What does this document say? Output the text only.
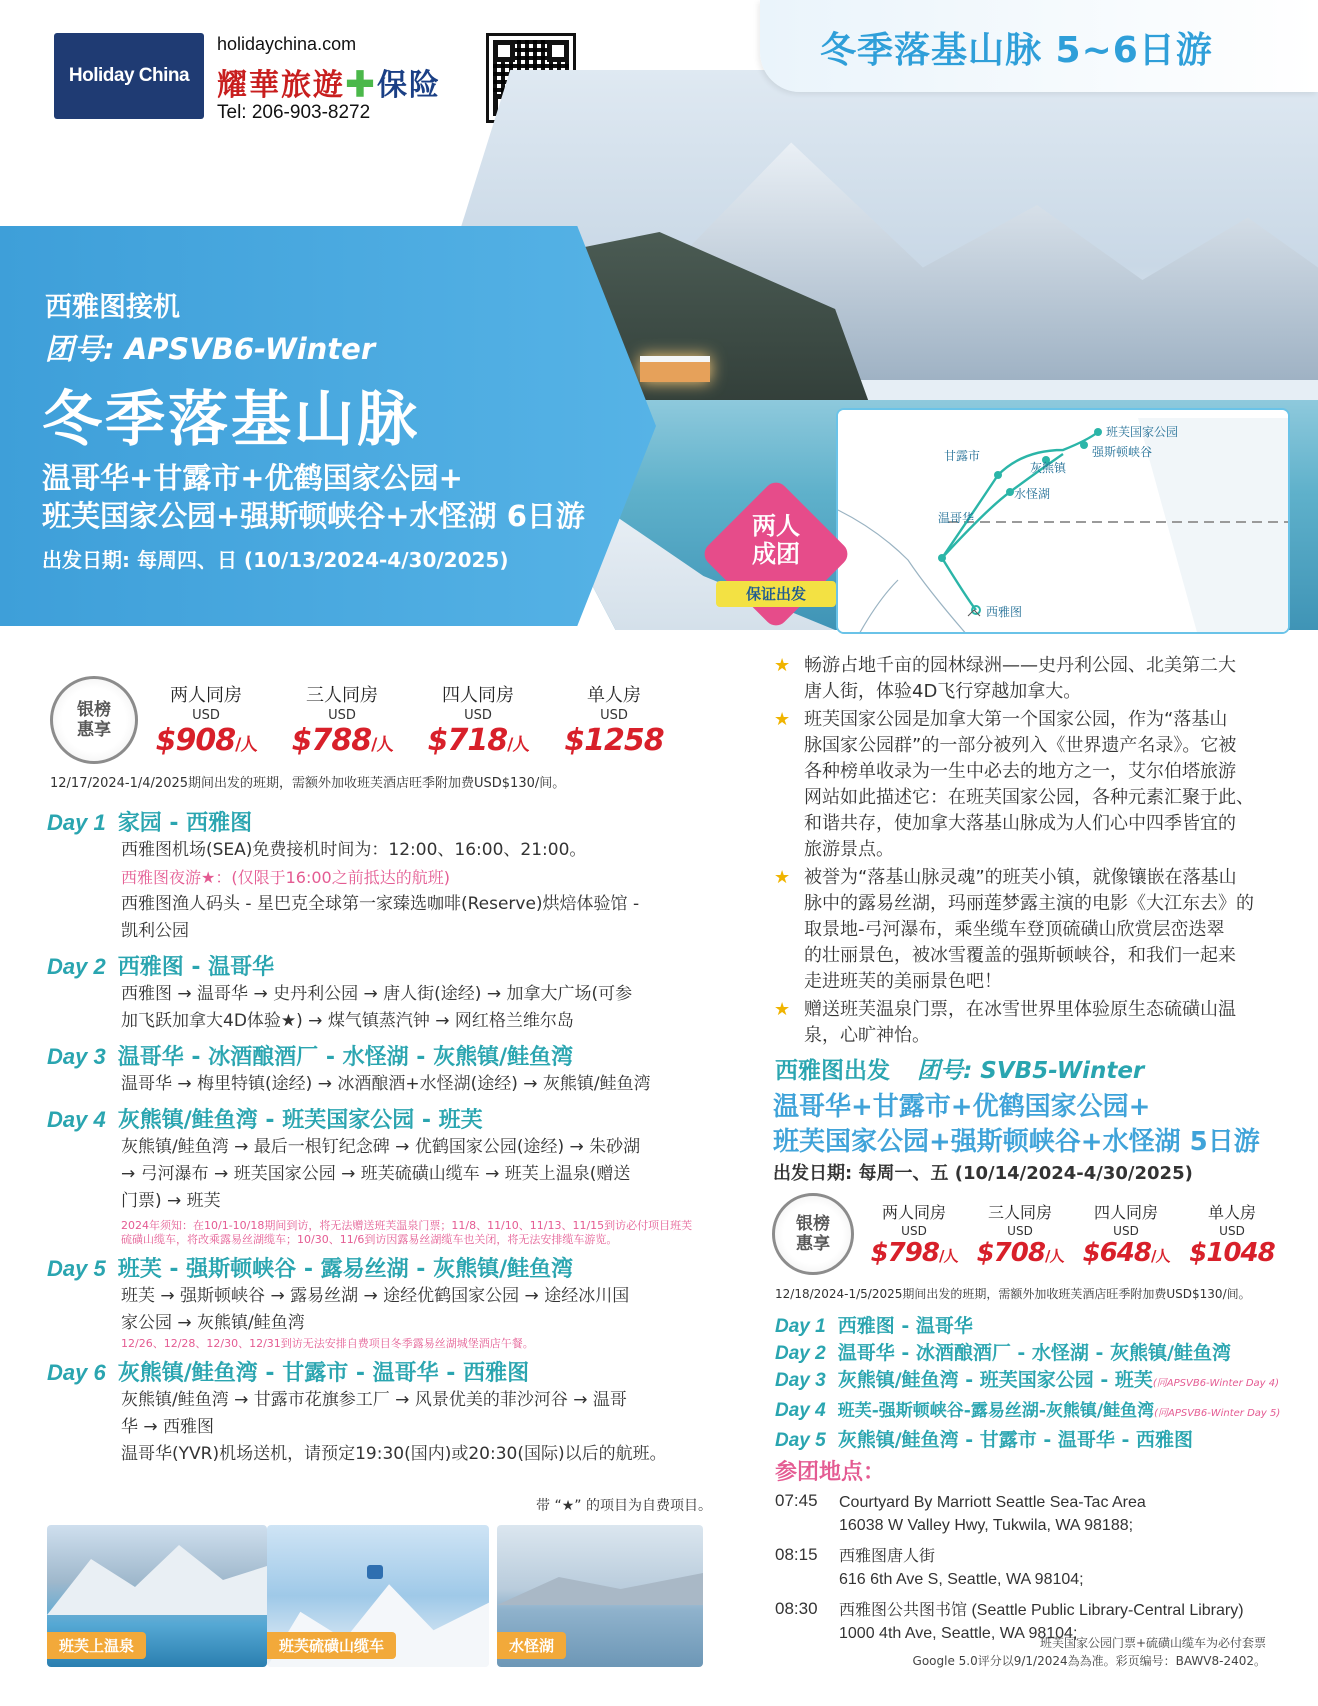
Holiday China
holidaychina.com
耀華旅遊✚保险
Tel: 206-903-8272
冬季落基山脉 5~6日游
班芙国家公园
强斯顿峡谷
甘露市
灰熊镇
水怪湖
温哥华
西雅图
两人
成团
保证出发
西雅图接机
团号: APSVB6-Winter
冬季落基山脉
温哥华+甘露市+优鹤国家公园+
班芙国家公园+强斯顿峡谷+水怪湖 6日游
出发日期: 每周四、日 (10/13/2024-4/30/2025)
银榜
惠享
两人同房
USD
$908/人
三人同房
USD
$788/人
四人同房
USD
$718/人
单人房
USD
$1258
12/17/2024-1/4/2025期间出发的班期，需额外加收班芙酒店旺季附加费USD$130/间。
Day 1 家园 - 西雅图
西雅图机场(SEA)免费接机时间为：12:00、16:00、21:00。
西雅图夜游★：(仅限于16:00之前抵达的航班)
西雅图渔人码头 - 星巴克全球第一家臻选咖啡(Reserve)烘焙体验馆 -
凯利公园
Day 2 西雅图 - 温哥华
西雅图 → 温哥华 → 史丹利公园 → 唐人街(途经) → 加拿大广场(可参
加飞跃加拿大4D体验★) → 煤气镇蒸汽钟 → 网红格兰维尔岛
Day 3 温哥华 - 冰酒酿酒厂 - 水怪湖 - 灰熊镇/鲑鱼湾
温哥华 → 梅里特镇(途经) → 冰酒酿酒+水怪湖(途经) → 灰熊镇/鲑鱼湾
Day 4 灰熊镇/鲑鱼湾 - 班芙国家公园 - 班芙
灰熊镇/鲑鱼湾 → 最后一根钉纪念碑 → 优鹤国家公园(途经) → 朱砂湖
→ 弓河瀑布 → 班芙国家公园 → 班芙硫磺山缆车 → 班芙上温泉(赠送
门票) → 班芙
2024年须知：在10/1-10/18期间到访，将无法赠送班芙温泉门票；11/8、11/10、11/13、11/15到访必付项目班芙
硫磺山缆车，将改乘露易丝湖缆车；10/30、11/6到访因露易丝湖缆车也关闭，将无法安排缆车游览。
Day 5 班芙 - 强斯顿峡谷 - 露易丝湖 - 灰熊镇/鲑鱼湾
班芙 → 强斯顿峡谷 → 露易丝湖 → 途经优鹤国家公园 → 途经冰川国
家公园 → 灰熊镇/鲑鱼湾
12/26、12/28、12/30、12/31到访无法安排自费项目冬季露易丝湖城堡酒店午餐。
Day 6 灰熊镇/鲑鱼湾 - 甘露市 - 温哥华 - 西雅图
灰熊镇/鲑鱼湾 → 甘露市花旗参工厂 → 风景优美的菲沙河谷 → 温哥
华 → 西雅图
温哥华(YVR)机场送机，请预定19:30(国内)或20:30(国际)以后的航班。
带 “★” 的项目为自费项目。
班芙上温泉	班芙硫磺山缆车	水怪湖
★ 畅游占地千亩的园林绿洲——史丹利公园、北美第二大
唐人街，体验4D飞行穿越加拿大。
★ 班芙国家公园是加拿大第一个国家公园，作为“落基山
脉国家公园群”的一部分被列入《世界遗产名录》。它被
各种榜单收录为一生中必去的地方之一，艾尔伯塔旅游
网站如此描述它：在班芙国家公园，各种元素汇聚于此、
和谐共存，使加拿大落基山脉成为人们心中四季皆宜的
旅游景点。
★ 被誉为“落基山脉灵魂”的班芙小镇，就像镶嵌在落基山
脉中的露易丝湖，玛丽莲梦露主演的电影《大江东去》的
取景地-弓河瀑布，乘坐缆车登顶硫磺山欣赏层峦迭翠
的壮丽景色，被冰雪覆盖的强斯顿峡谷，和我们一起来
走进班芙的美丽景色吧！
★ 赠送班芙温泉门票，在冰雪世界里体验原生态硫磺山温
泉，心旷神怡。
西雅图出发 团号: SVB5-Winter
温哥华+甘露市+优鹤国家公园+
班芙国家公园+强斯顿峡谷+水怪湖 5日游
出发日期: 每周一、五 (10/14/2024-4/30/2025)
银榜
惠享
两人同房
USD
$798/人
三人同房
USD
$708/人
四人同房
USD
$648/人
单人房
USD
$1048
12/18/2024-1/5/2025期间出发的班期，需额外加收班芙酒店旺季附加费USD$130/间。
Day 1 西雅图 - 温哥华
Day 2 温哥华 - 冰酒酿酒厂 - 水怪湖 - 灰熊镇/鲑鱼湾
Day 3 灰熊镇/鲑鱼湾 - 班芙国家公园 - 班芙(同APSVB6-Winter Day 4)
Day 4 班芙-强斯顿峡谷-露易丝湖-灰熊镇/鲑鱼湾(同APSVB6-Winter Day 5)
Day 5 灰熊镇/鲑鱼湾 - 甘露市 - 温哥华 - 西雅图
参团地点：
07:45	Courtyard By Marriott Seattle Sea-Tac Area
16038 W Valley Hwy, Tukwila, WA 98188;
08:15	西雅图唐人街
616 6th Ave S, Seattle, WA 98104;
08:30	西雅图公共图书馆 (Seattle Public Library-Central Library)
1000 4th Ave, Seattle, WA 98104;
班芙国家公园门票+硫磺山缆车为必付套票
Google 5.0评分以9/1/2024為為准。彩页编号：BAWV8-2402。
